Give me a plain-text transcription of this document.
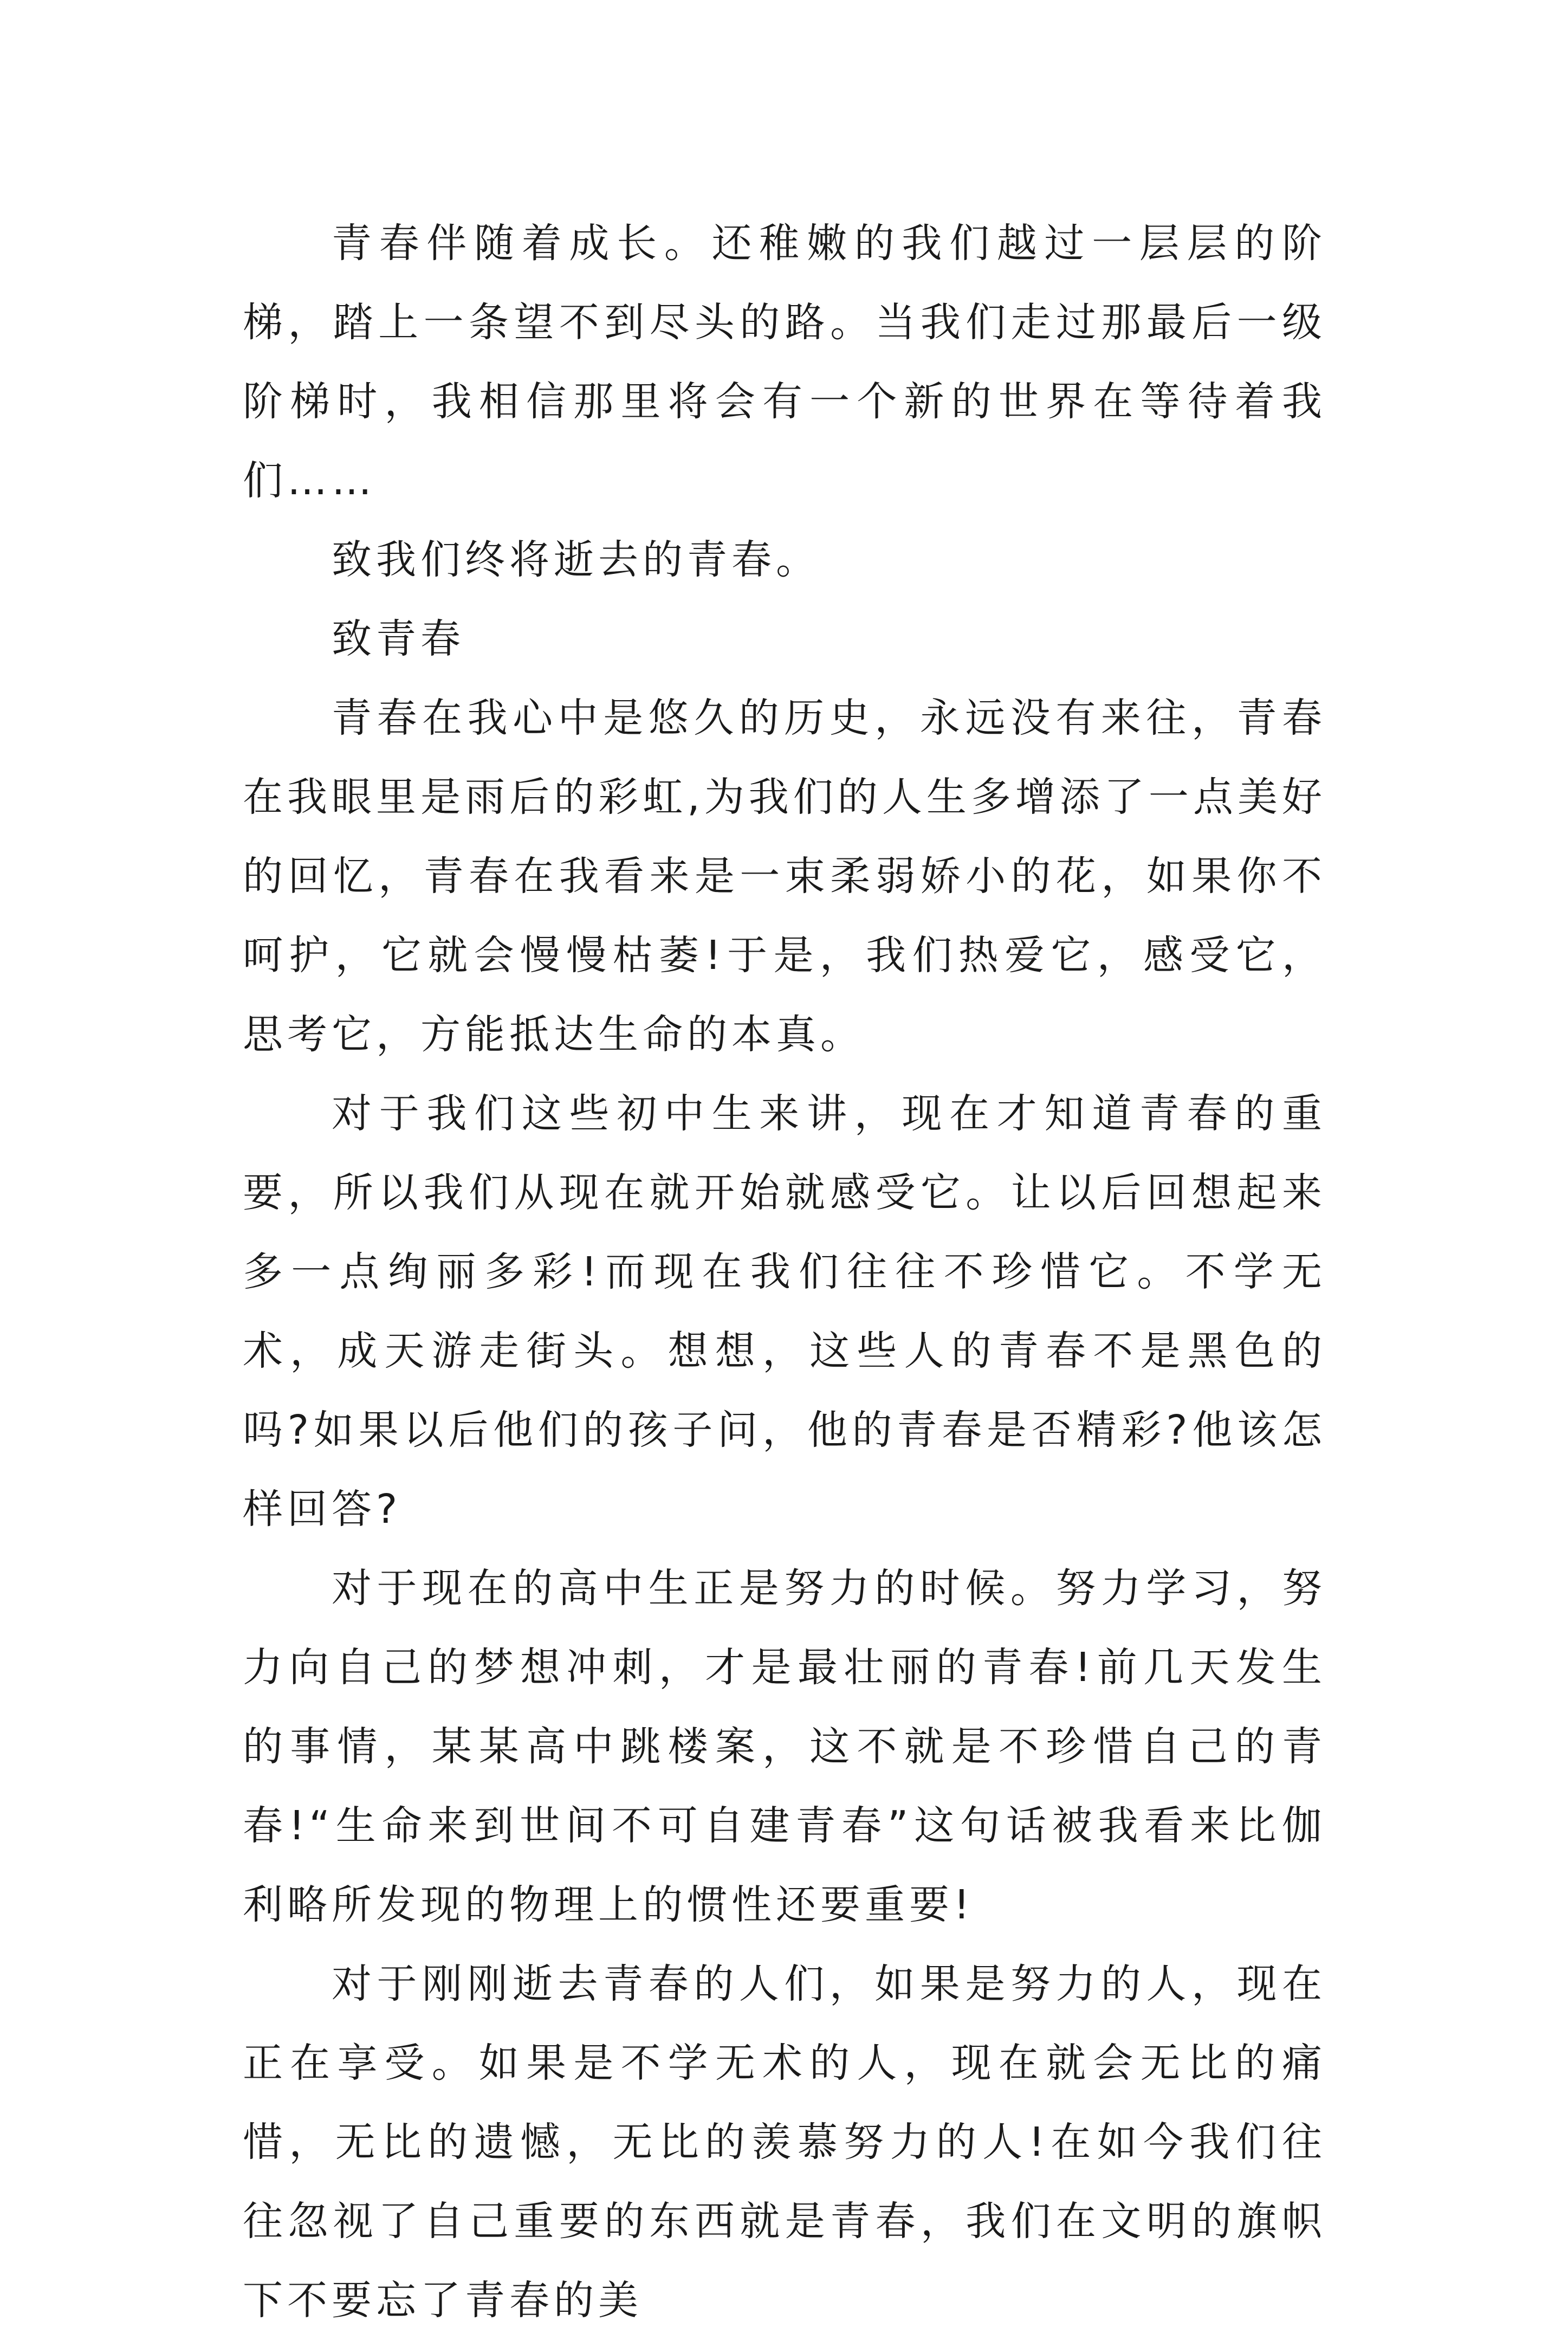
青春伴随着成长。还稚嫩的我们越过一层层的阶梯，踏上一条望不到尽头的路。当我们走过那最后一级阶梯时，我相信那里将会有一个新的世界在等待着我们……

致我们终将逝去的青春。

致青春

青春在我心中是悠久的历史，永远没有来往，青春在我眼里是雨后的彩虹,为我们的人生多增添了一点美好的回忆，青春在我看来是一束柔弱娇小的花，如果你不呵护，它就会慢慢枯萎!于是，我们热爱它，感受它，思考它，方能抵达生命的本真。

对于我们这些初中生来讲，现在才知道青春的重要，所以我们从现在就开始就感受它。让以后回想起来多一点绚丽多彩!而现在我们往往不珍惜它。不学无术，成天游走街头。想想，这些人的青春不是黑色的吗?如果以后他们的孩子问，他的青春是否精彩?他该怎样回答?

对于现在的高中生正是努力的时候。努力学习，努力向自己的梦想冲刺，才是最壮丽的青春!前几天发生的事情，某某高中跳楼案，这不就是不珍惜自己的青春!“生命来到世间不可自建青春”这句话被我看来比伽利略所发现的物理上的惯性还要重要!

对于刚刚逝去青春的人们，如果是努力的人，现在正在享受。如果是不学无术的人，现在就会无比的痛惜，无比的遗憾，无比的羡慕努力的人!在如今我们往往忽视了自己重要的东西就是青春，我们在文明的旗帜下不要忘了青春的美
